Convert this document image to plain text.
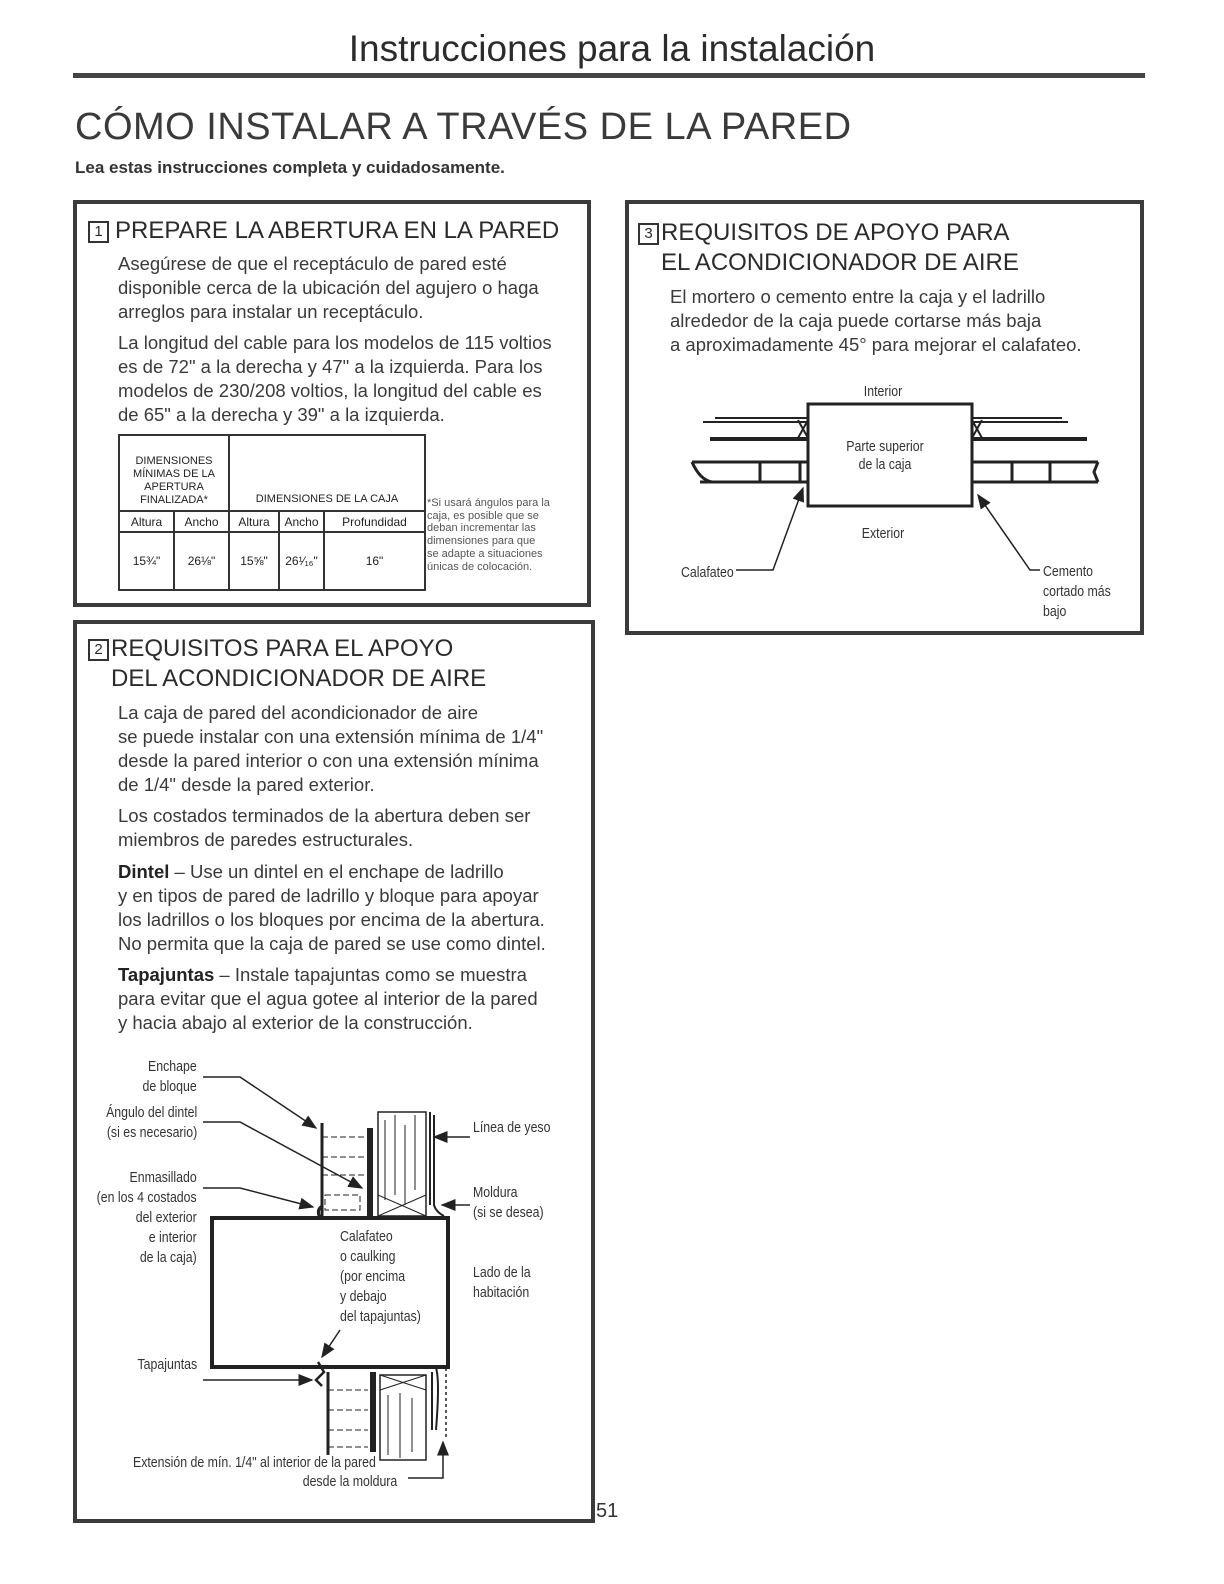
Instrucciones para la instalación
CÓMO INSTALAR A TRAVÉS DE LA PARED
Lea estas instrucciones completa y cuidadosamente.
1 PREPARE LA ABERTURA EN LA PARED
Asegúrese de que el receptáculo de pared esté
disponible cerca de la ubicación del agujero o haga
arreglos para instalar un receptáculo.
La longitud del cable para los modelos de 115 voltios
es de 72" a la derecha y 47" a la izquierda. Para los
modelos de 230/208 voltios, la longitud del cable es
de 65" a la derecha y 39" a la izquierda.
DIMENSIONES
MÍNIMAS DE LA
APERTURA
FINALIZADA*		DIMENSIONES DE LA CAJA		
Altura	Ancho	Altura	Ancho	Profundidad
15¾"	26⅛"	15⅝"	26¹⁄₁₆"	16"
*Si usará ángulos para la
caja, es posible que se
deban incrementar las
dimensiones para que
se adapte a situaciones
únicas de colocación.
2 REQUISITOS PARA EL APOYO
DEL ACONDICIONADOR DE AIRE
La caja de pared del acondicionador de aire
se puede instalar con una extensión mínima de 1/4"
desde la pared interior o con una extensión mínima
de 1/4" desde la pared exterior.
Los costados terminados de la abertura deben ser
miembros de paredes estructurales.
Dintel – Use un dintel en el enchape de ladrillo
y en tipos de pared de ladrillo y bloque para apoyar
los ladrillos o los bloques por encima de la abertura.
No permita que la caja de pared se use como dintel.
Tapajuntas – Instale tapajuntas como se muestra
para evitar que el agua gotee al interior de la pared
y hacia abajo al exterior de la construcción.
3 REQUISITOS DE APOYO PARA
EL ACONDICIONADOR DE AIRE
El mortero o cemento entre la caja y el ladrillo
alrededor de la caja puede cortarse más baja
a aproximadamente 45° para mejorar el calafateo.
Interior
Parte superior
de la caja
Exterior
Calafateo	Cemento
cortado más
bajo
Enchape
de bloque
Ángulo del dintel
(si es necesario)
Enmasillado
(en los 4 costados
del exterior
e interior
de la caja)
Tapajuntas
Línea de yeso
Moldura
(si se desea)
Calafateo
o caulking
(por encima
y debajo
del tapajuntas)
Lado de la
habitación
Extensión de mín. 1/4" al interior de la pared
desde la moldura
51
